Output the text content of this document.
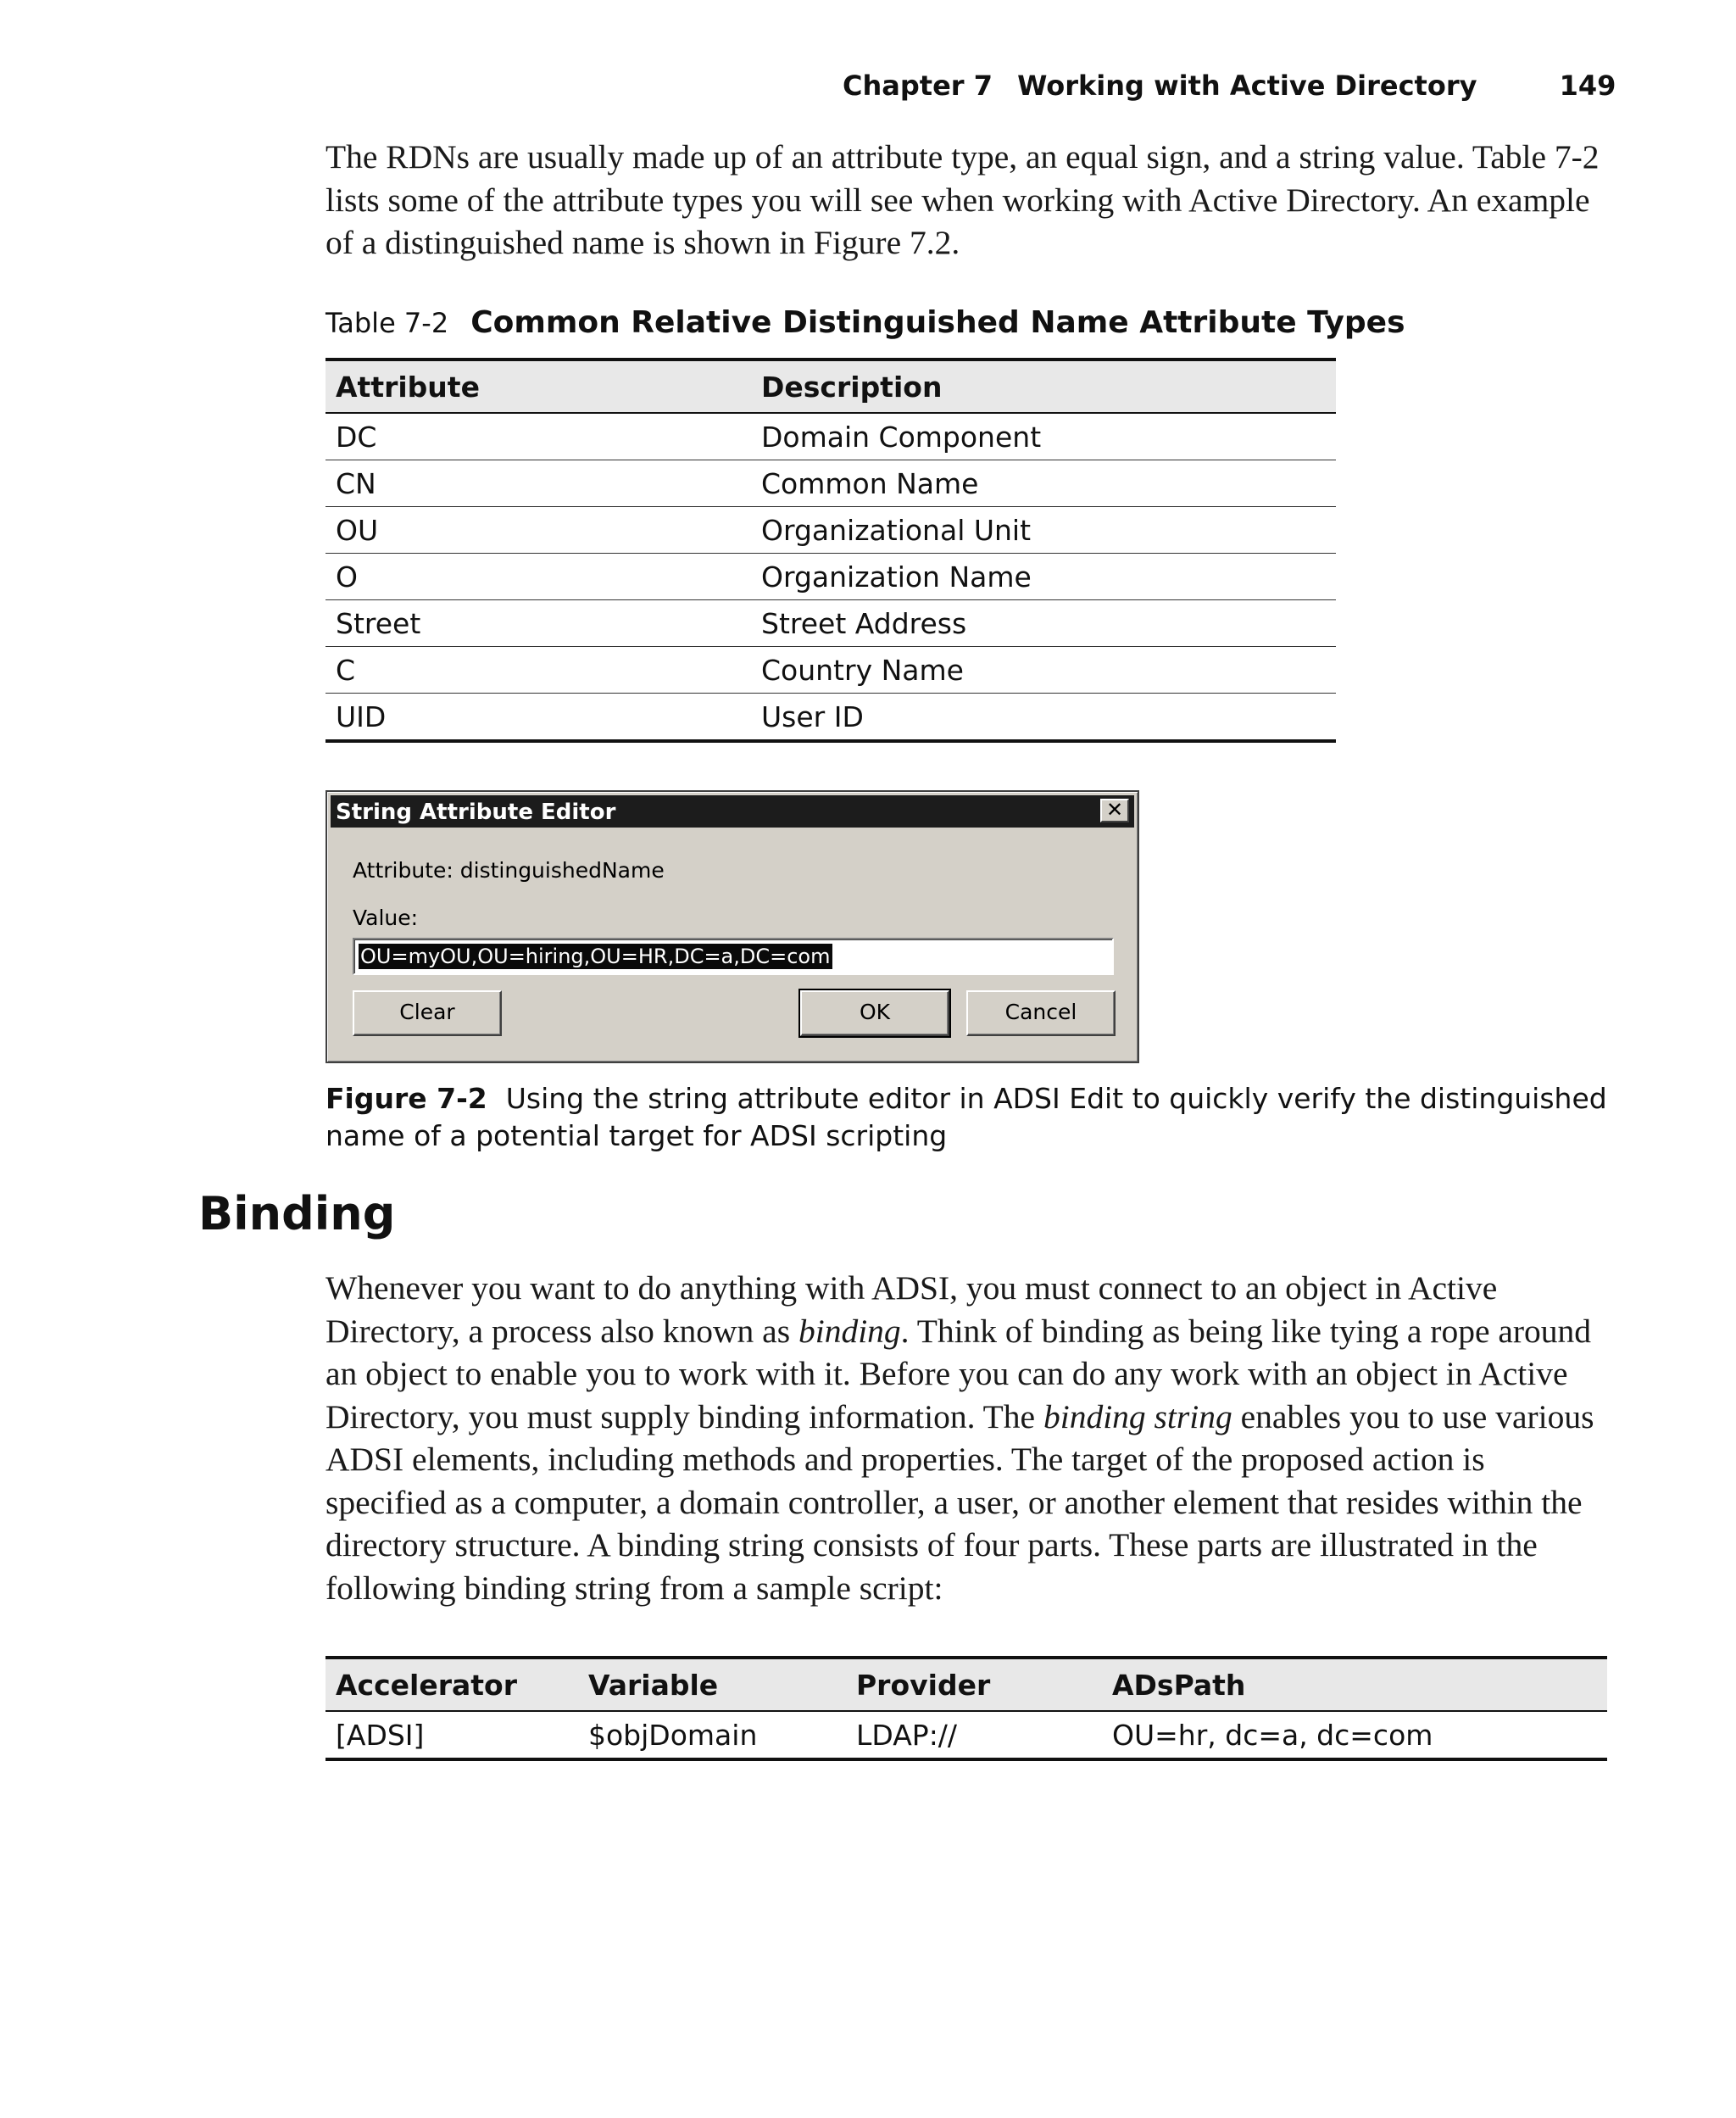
Chapter 7 Working with Active Directory	149

The RDNs are usually made up of an attribute type, an equal sign, and a string value. Table 7-2 lists some of the attribute types you will see when working with Active Directory. An example of a distinguished name is shown in Figure 7.2.

Table 7-2 Common Relative Distinguished Name Attribute Types
Attribute	Description
DC	Domain Component
CN	Common Name
OU	Organizational Unit
O	Organization Name
Street	Street Address
C	Country Name
UID	User ID
String Attribute Editor	✕
Attribute: distinguishedName
Value:
OU=myOU,OU=hiring,OU=HR,DC=a,DC=com
Clear	OK	Cancel
Figure 7-2 Using the string attribute editor in ADSI Edit to quickly verify the distinguished name of a potential target for ADSI scripting
Binding

Whenever you want to do anything with ADSI, you must connect to an object in Active Directory, a process also known as binding. Think of binding as being like tying a rope around an object to enable you to work with it. Before you can do any work with an object in Active Directory, you must supply binding information. The binding string enables you to use various ADSI elements, including methods and properties. The target of the proposed action is specified as a computer, a domain controller, a user, or another element that resides within the directory structure. A binding string consists of four parts. These parts are illustrated in the following binding string from a sample script:

Accelerator	Variable	Provider	ADsPath
[ADSI]	$objDomain	LDAP://	OU=hr, dc=a, dc=com
